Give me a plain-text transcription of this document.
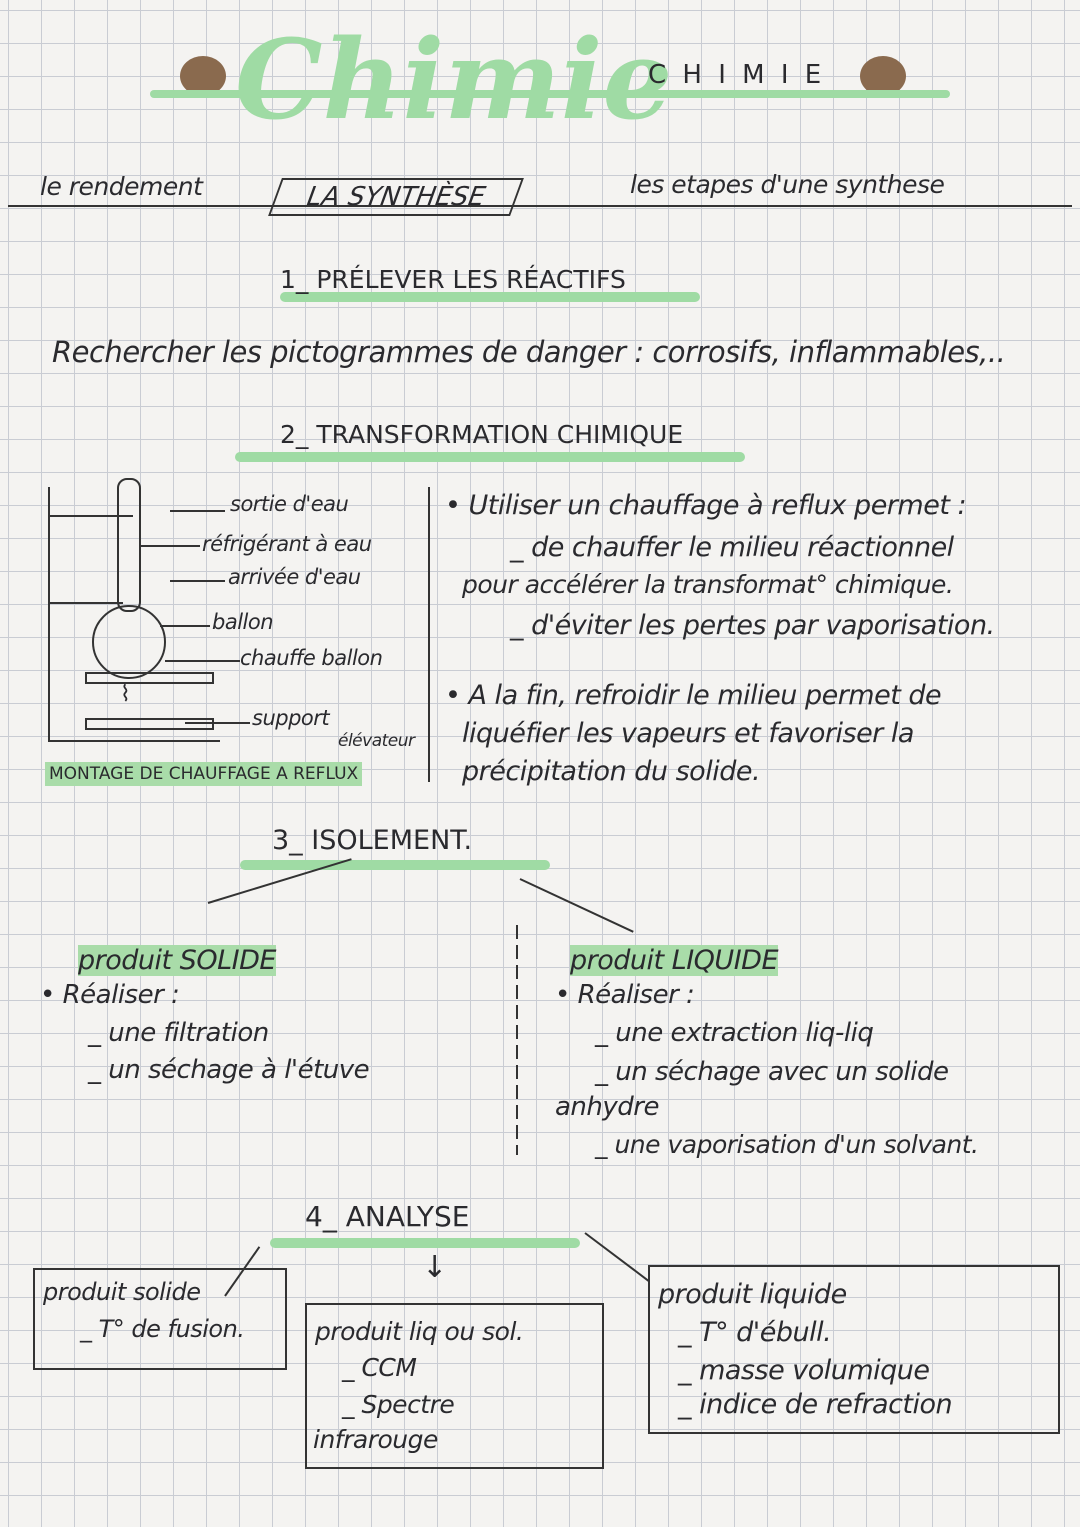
Chimie
C H I M I E
le rendement	LA SYNTHÈSE	les etapes d'une synthese
1_ PRÉLEVER LES RÉACTIFS
Rechercher les pictogrammes de danger : corrosifs, inflammables,..
2_ TRANSFORMATION CHIMIQUE
⌇
sortie d'eau
réfrigérant à eau
arrivée d'eau
ballon
chauffe ballon
support
élévateur
MONTAGE DE CHAUFFAGE A REFLUX
• Utiliser un chauffage à reflux permet :
_ de chauffer le milieu réactionnel
pour accélérer la transformat° chimique.
_ d'éviter les pertes par vaporisation.
• A la fin, refroidir le milieu permet de
liquéfier les vapeurs et favoriser la
précipitation du solide.
3_ ISOLEMENT.
produit SOLIDE
• Réaliser :
_ une filtration
_ un séchage à l'étuve
produit LIQUIDE
• Réaliser :
_ une extraction liq-liq
_ un séchage avec un solide
anhydre
_ une vaporisation d'un solvant.
4_ ANALYSE
↓
produit solide
_ T° de fusion.	produit liq ou sol.
_ CCM
_ Spectre
infrarouge
produit liquide
_ T° d'ébull.
_ masse volumique
_ indice de refraction
